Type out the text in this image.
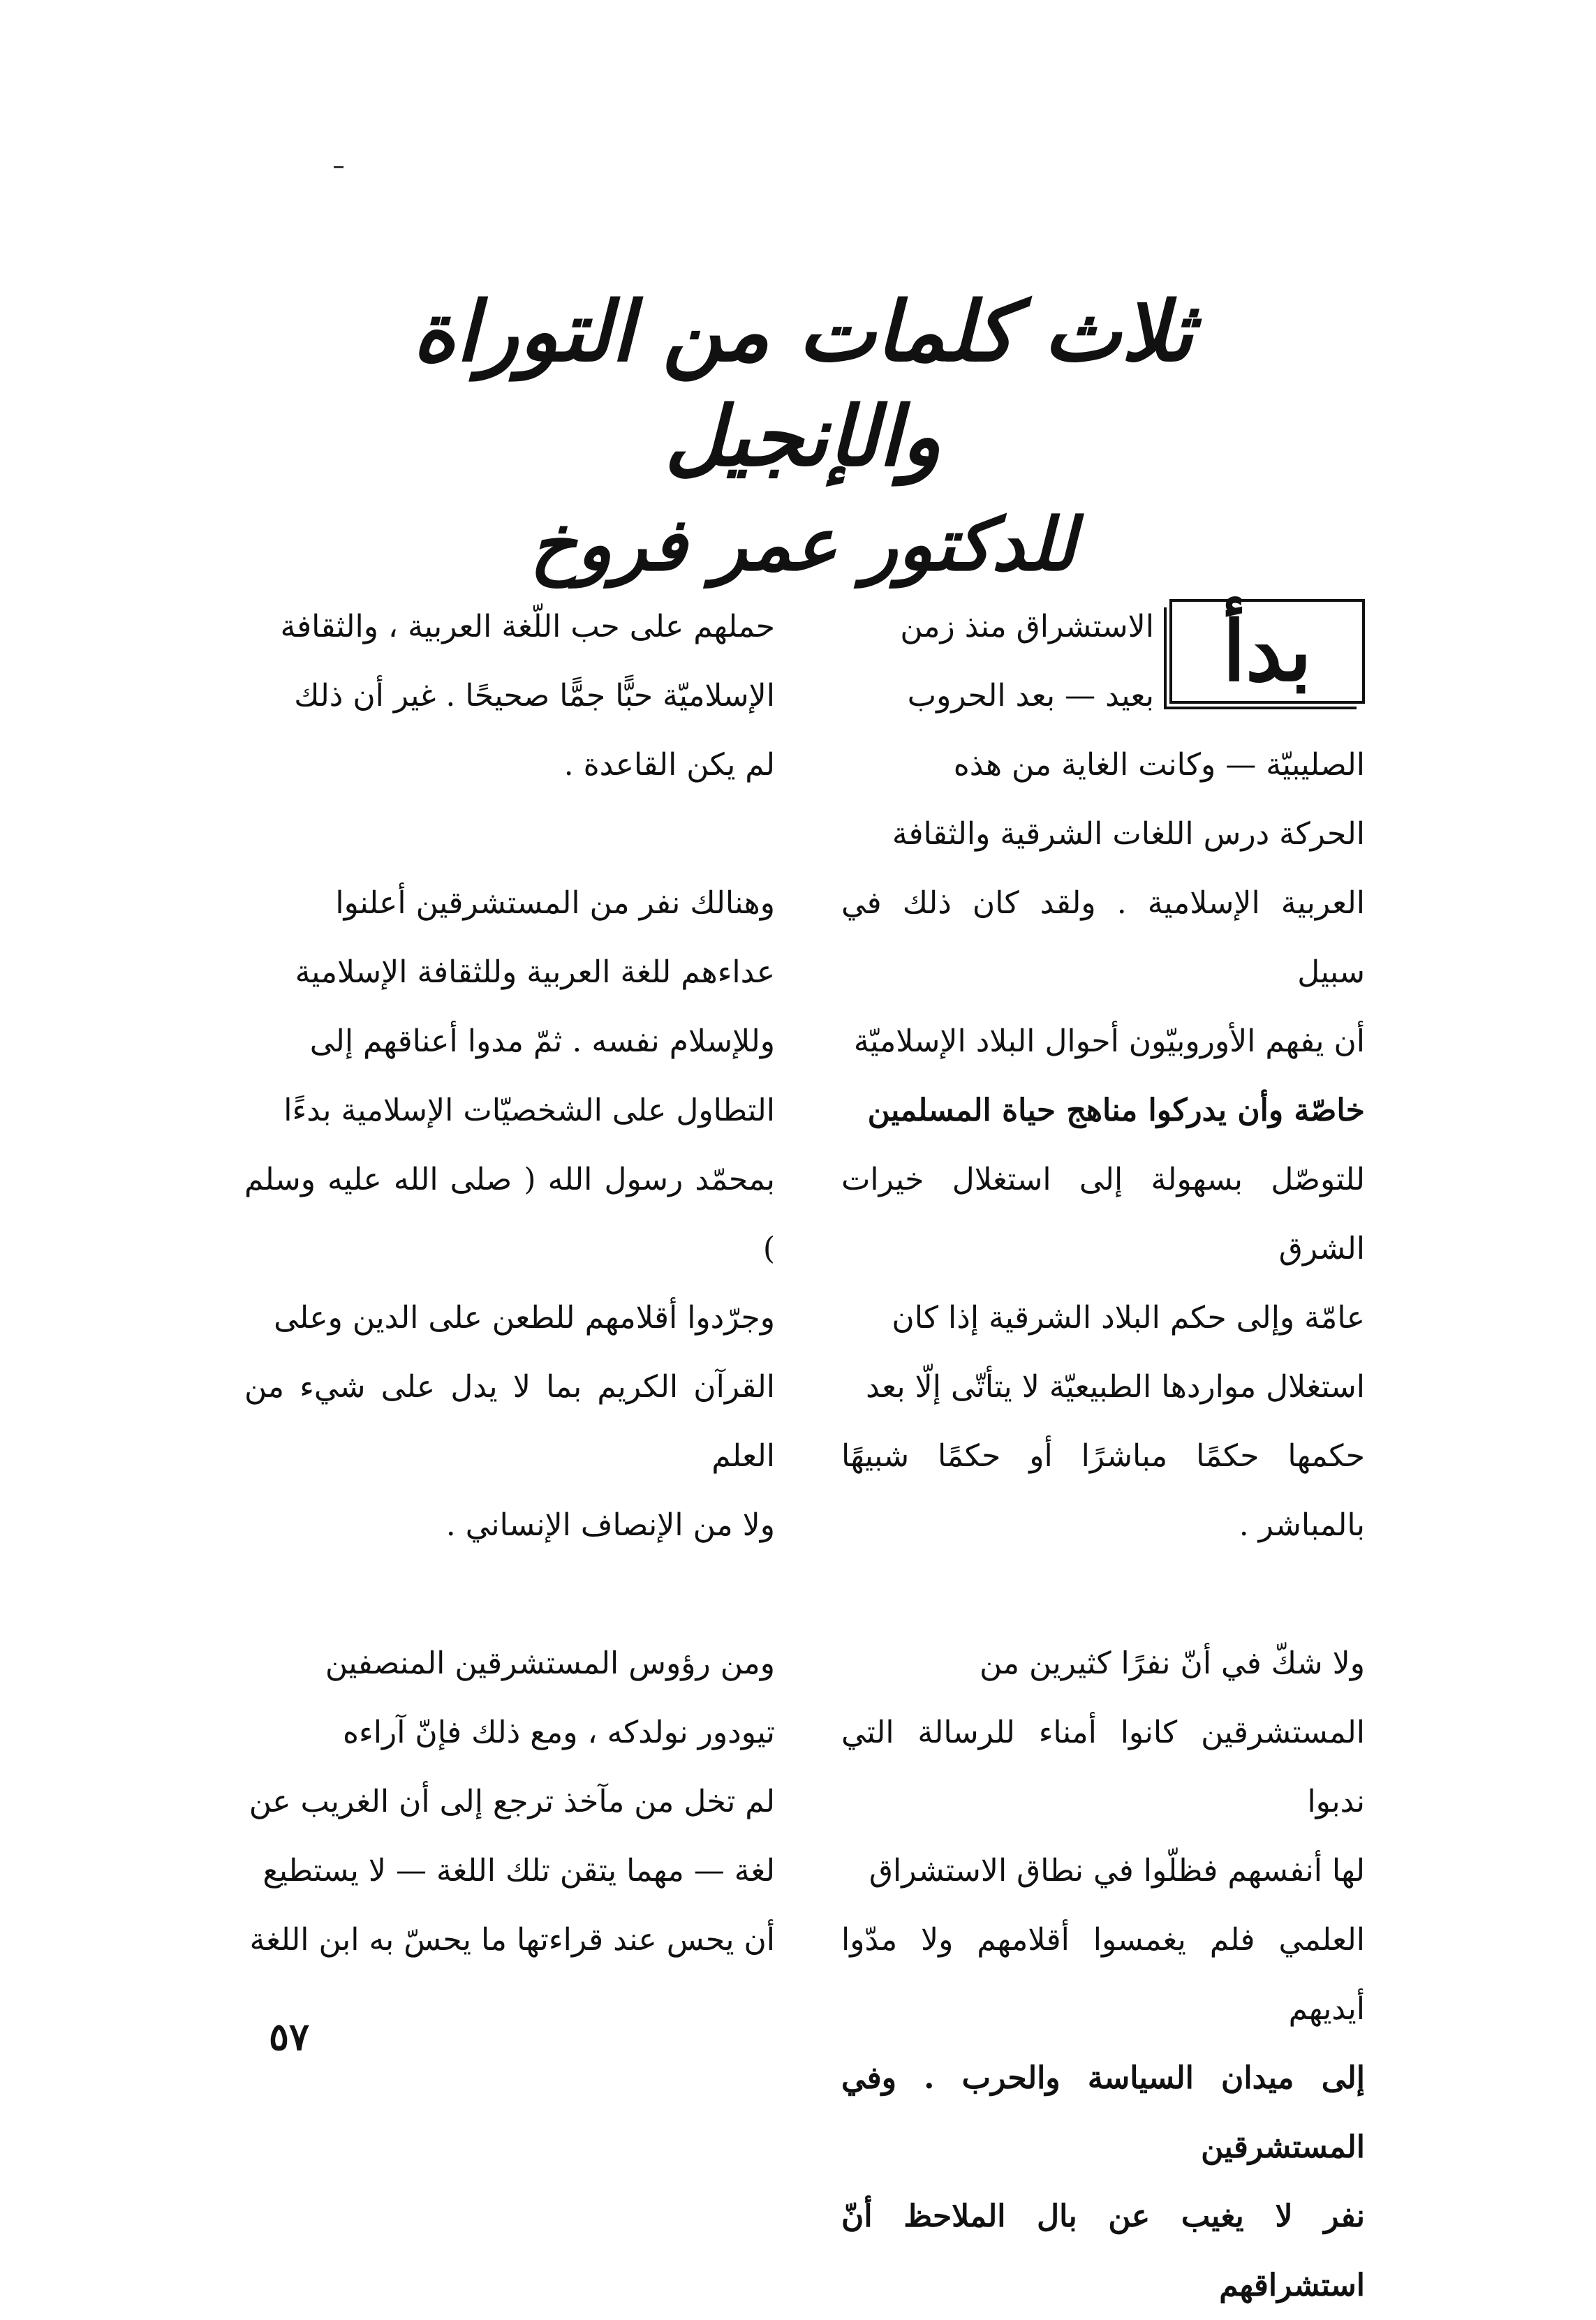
ثلاث كلمات من التوراة والإنجيل
للدكتور عمر فروخ
بدأ
الاستشراق منذ زمن
بعيد — بعد الحروب
الصليبيّة — وكانت الغاية من هذه
الحركة درس اللغات الشرقية والثقافة
العربية الإسلامية . ولقد كان ذلك في سبيل
أن يفهم الأوروبيّون أحوال البلاد الإسلاميّة
خاصّة وأن يدركوا مناهج حياة المسلمين
للتوصّل بسهولة إلى استغلال خيرات الشرق
عامّة وإلى حكم البلاد الشرقية إذا كان
استغلال مواردها الطبيعيّة لا يتأتّى إلّا بعد
حكمها حكمًا مباشرًا أو حكمًا شبيهًا بالمباشر .
ولا شكّ في أنّ نفرًا كثيرين من
المستشرقين كانوا أمناء للرسالة التي ندبوا
لها أنفسهم فظلّوا في نطاق الاستشراق
العلمي فلم يغمسوا أقلامهم ولا مدّوا أيديهم
إلى ميدان السياسة والحرب . وفي المستشرقين
نفر لا يغيب عن بال الملاحظ أنّ استشراقهم
حملهم على حب اللّغة العربية ، والثقافة
الإسلاميّة حبًّا جمًّا صحيحًا . غير أن ذلك
لم يكن القاعدة .
وهنالك نفر من المستشرقين أعلنوا
عداءهم للغة العربية وللثقافة الإسلامية
وللإسلام نفسه . ثمّ مدوا أعناقهم إلى
التطاول على الشخصيّات الإسلامية بدءًا
بمحمّد رسول الله ( صلى الله عليه وسلم )
وجرّدوا أقلامهم للطعن على الدين وعلى
القرآن الكريم بما لا يدل على شيء من العلم
ولا من الإنصاف الإنساني .
ومن رؤوس المستشرقين المنصفين
تيودور نولدكه ، ومع ذلك فإنّ آراءه
لم تخل من مآخذ ترجع إلى أن الغريب عن
لغة — مهما يتقن تلك اللغة — لا يستطيع
أن يحس عند قراءتها ما يحسّ به ابن اللغة
٥٧
